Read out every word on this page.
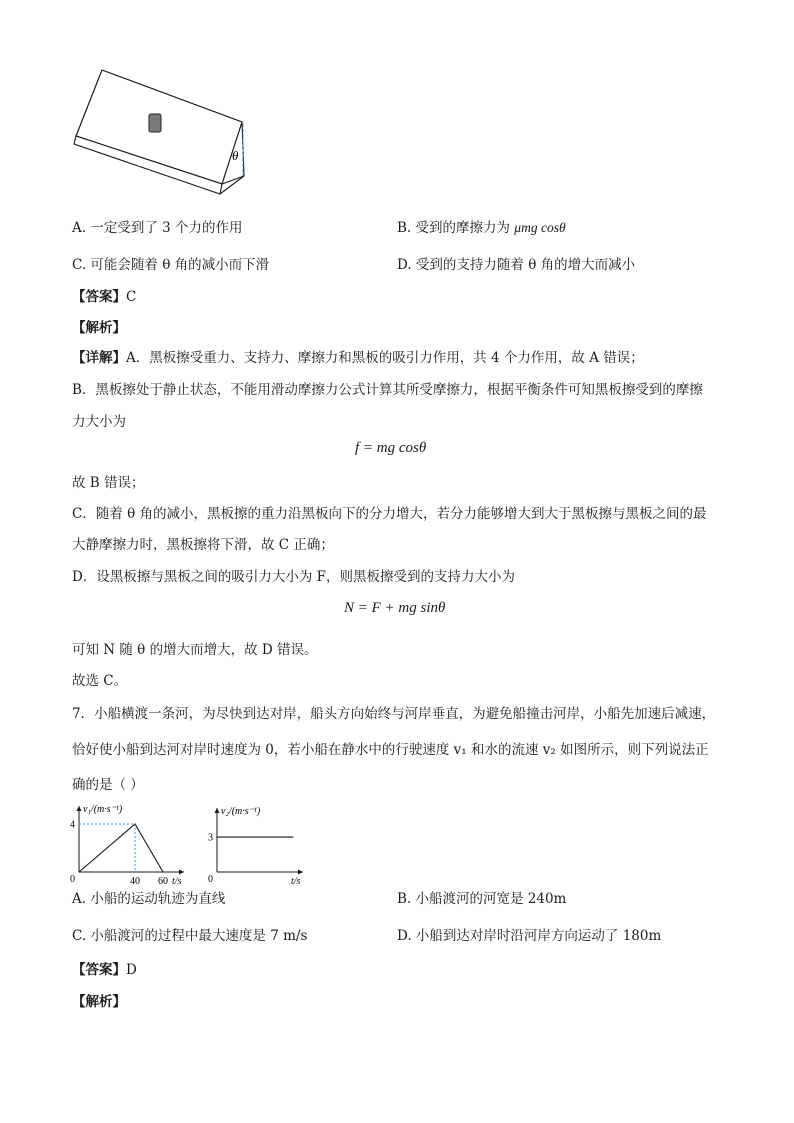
θ
A. 一定受到了 3 个力的作用	B. 受到的摩擦力为 μmg cosθ
C. 可能会随着 θ 角的减小而下滑	D. 受到的支持力随着 θ 角的增大而减小
【答案】C
【解析】
【详解】A．黑板擦受重力、支持力、摩擦力和黑板的吸引力作用，共 4 个力作用，故 A 错误；
B．黑板擦处于静止状态，不能用滑动摩擦力公式计算其所受摩擦力，根据平衡条件可知黑板擦受到的摩擦
力大小为
f = mg cosθ
故 B 错误；
C．随着 θ 角的减小，黑板擦的重力沿黑板向下的分力增大，若分力能够增大到大于黑板擦与黑板之间的最
大静摩擦力时，黑板擦将下滑，故 C 正确；
D．设黑板擦与黑板之间的吸引力大小为 F，则黑板擦受到的支持力大小为
N = F + mg sinθ
可知 N 随 θ 的增大而增大，故 D 错误。
故选 C。
7．小船横渡一条河，为尽快到达对岸，船头方向始终与河岸垂直，为避免船撞击河岸，小船先加速后减速，
恰好使小船到达河对岸时速度为 0，若小船在静水中的行驶速度 v₁ 和水的流速 v₂ 如图所示，则下列说法正
确的是（ ）
v₁/(m·s⁻¹)
t/s
0
4
40 60
v₂/(m·s⁻¹)
t/s
0
3
A. 小船的运动轨迹为直线	B. 小船渡河的河宽是 240m
C. 小船渡河的过程中最大速度是 7 m/s	D. 小船到达对岸时沿河岸方向运动了 180m
【答案】D
【解析】
